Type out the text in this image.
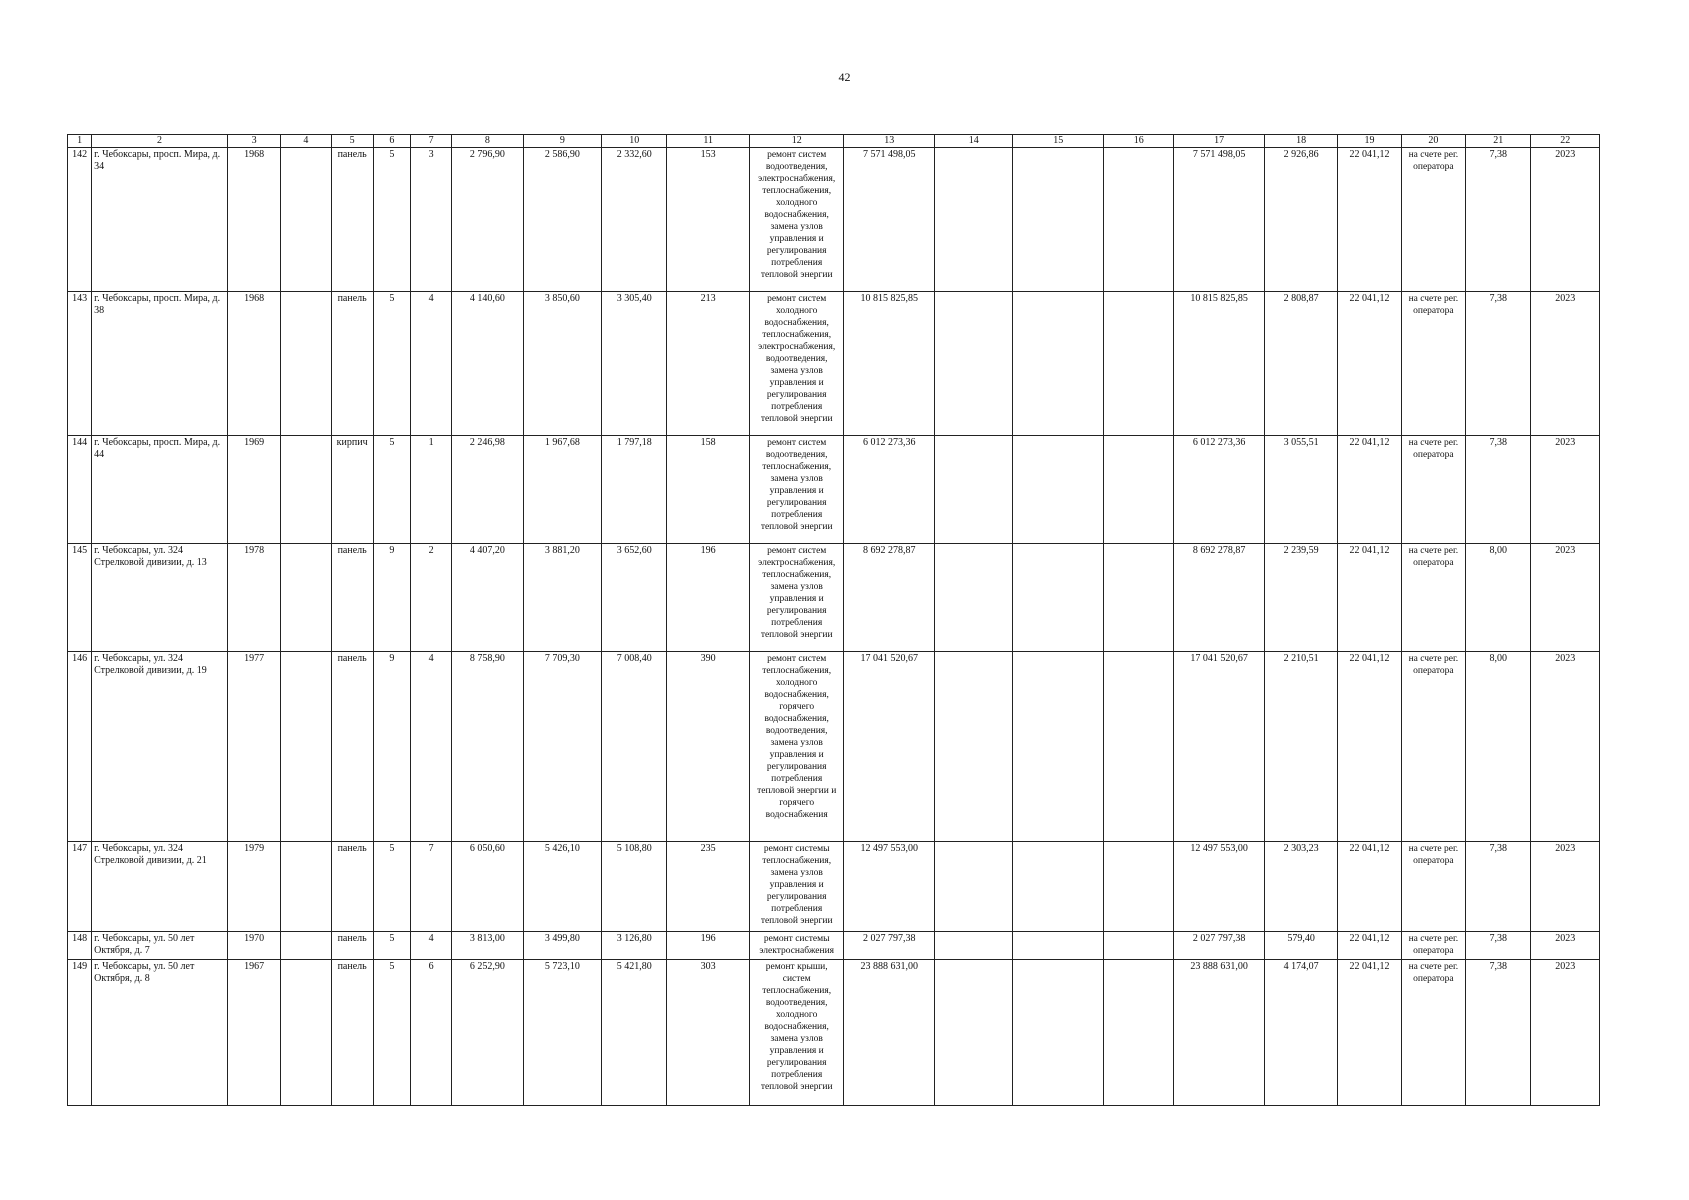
42
1	2	3	4	5	6	7	8	9	10	11	12	13	14	15	16	17	18	19	20	21	22
142	г. Чебоксары, просп. Мира, д. 34	1968		панель	5	3	2 796,90	2 586,90	2 332,60	153	ремонт систем водоотведения, электроснабжения, теплоснабжения, холодного водоснабжения, замена узлов управления и регулирования потребления тепловой энергии	7 571 498,05				7 571 498,05	2 926,86	22 041,12	на счете рег. оператора	7,38	2023
143	г. Чебоксары, просп. Мира, д. 38	1968		панель	5	4	4 140,60	3 850,60	3 305,40	213	ремонт систем холодного водоснабжения, теплоснабжения, электроснабжения, водоотведения, замена узлов управления и регулирования потребления тепловой энергии	10 815 825,85				10 815 825,85	2 808,87	22 041,12	на счете рег. оператора	7,38	2023
144	г. Чебоксары, просп. Мира, д. 44	1969		кирпич	5	1	2 246,98	1 967,68	1 797,18	158	ремонт систем водоотведения, теплоснабжения, замена узлов управления и регулирования потребления тепловой энергии	6 012 273,36				6 012 273,36	3 055,51	22 041,12	на счете рег. оператора	7,38	2023
145	г. Чебоксары, ул. 324 Стрелковой дивизии, д. 13	1978		панель	9	2	4 407,20	3 881,20	3 652,60	196	ремонт систем электроснабжения, теплоснабжения, замена узлов управления и регулирования потребления тепловой энергии	8 692 278,87				8 692 278,87	2 239,59	22 041,12	на счете рег. оператора	8,00	2023
146	г. Чебоксары, ул. 324 Стрелковой дивизии, д. 19	1977		панель	9	4	8 758,90	7 709,30	7 008,40	390	ремонт систем теплоснабжения, холодного водоснабжения, горячего водоснабжения, водоотведения, замена узлов управления и регулирования потребления тепловой энергии и горячего водоснабжения	17 041 520,67				17 041 520,67	2 210,51	22 041,12	на счете рег. оператора	8,00	2023
147	г. Чебоксары, ул. 324 Стрелковой дивизии, д. 21	1979		панель	5	7	6 050,60	5 426,10	5 108,80	235	ремонт системы теплоснабжения, замена узлов управления и регулирования потребления тепловой энергии	12 497 553,00				12 497 553,00	2 303,23	22 041,12	на счете рег. оператора	7,38	2023
148	г. Чебоксары, ул. 50 лет Октября, д. 7	1970		панель	5	4	3 813,00	3 499,80	3 126,80	196	ремонт системы электроснабжения	2 027 797,38				2 027 797,38	579,40	22 041,12	на счете рег. оператора	7,38	2023
149	г. Чебоксары, ул. 50 лет Октября, д. 8	1967		панель	5	6	6 252,90	5 723,10	5 421,80	303	ремонт крыши, систем теплоснабжения, водоотведения, холодного водоснабжения, замена узлов управления и регулирования потребления тепловой энергии	23 888 631,00				23 888 631,00	4 174,07	22 041,12	на счете рег. оператора	7,38	2023
